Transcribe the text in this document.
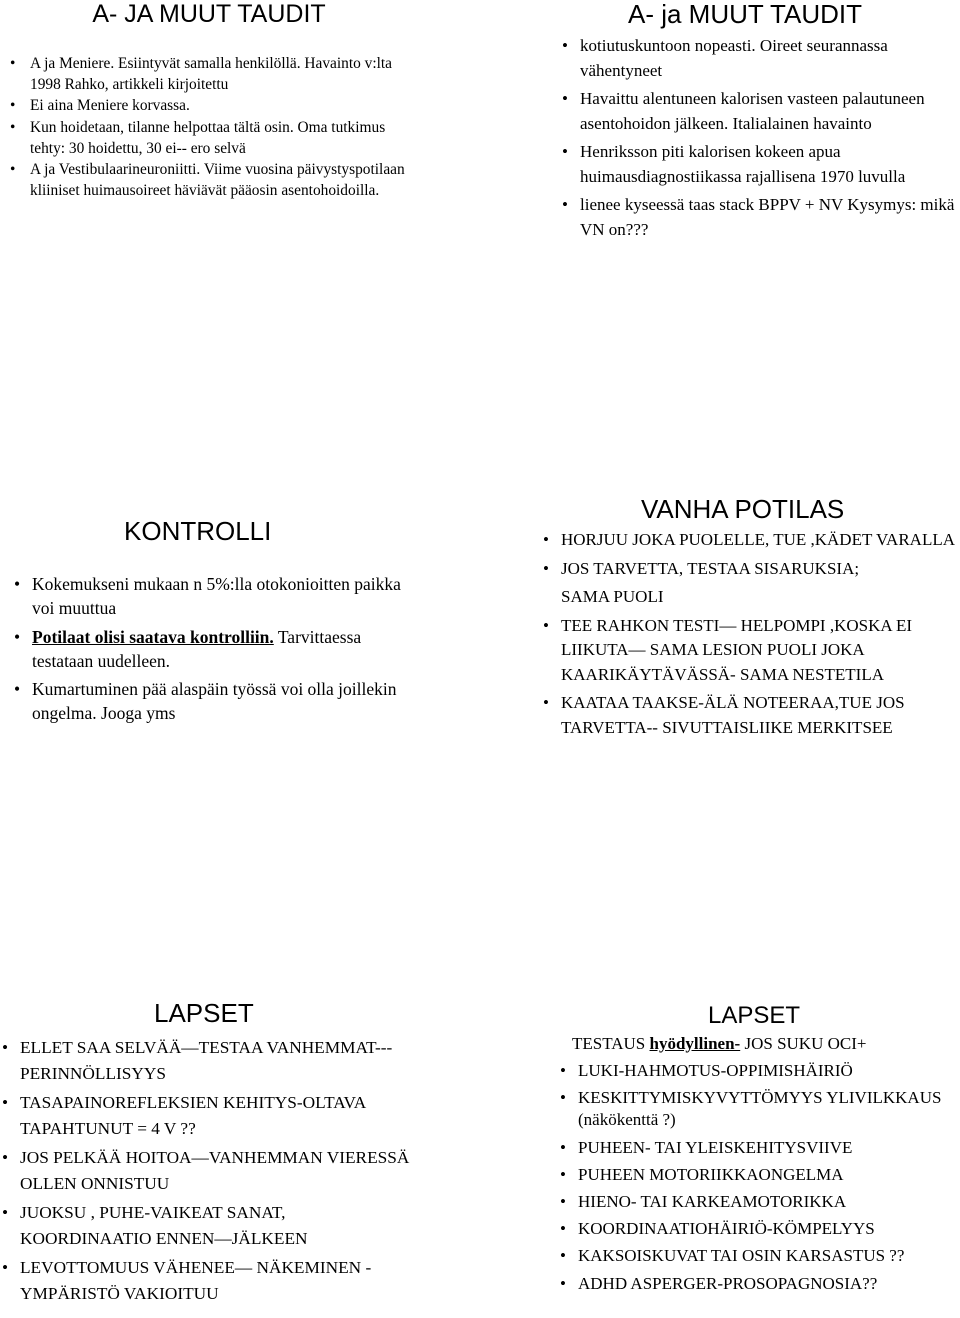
A- JA MUUT TAUDIT
• A ja Meniere. Esiintyvät samalla henkilöllä. Havainto v:lta 1998 Rahko, artikkeli kirjoitettu
• Ei aina Meniere korvassa.
• Kun hoidetaan, tilanne helpottaa tältä osin. Oma tutkimus tehty: 30 hoidettu, 30 ei-- ero selvä
• A ja Vestibulaarineuroniitti. Viime vuosina päivystyspotilaan kliiniset huimausoireet häviävät pääosin asentohoidoilla.
A- ja MUUT TAUDIT
• kotiutuskuntoon nopeasti. Oireet seurannassa vähentyneet
• Havaittu alentuneen kalorisen vasteen palautuneen asentohoidon jälkeen. Italialainen havainto
• Henriksson piti kalorisen kokeen apua huimausdiagnostiikassa rajallisena 1970 luvulla
• lienee kyseessä taas stack BPPV + NV Kysymys: mikä VN on???
KONTROLLI
• Kokemukseni mukaan n 5%:lla otokonioitten paikka voi muuttua
• Potilaat olisi saatava kontrolliin. Tarvittaessa testataan uudelleen.
• Kumartuminen pää alaspäin työssä voi olla joillekin ongelma. Jooga yms
VANHA POTILAS
• HORJUU JOKA PUOLELLE, TUE ,KÄDET VARALLA
• JOS TARVETTA, TESTAA SISARUKSIA;
SAMA PUOLI
• TEE RAHKON TESTI— HELPOMPI ,KOSKA EI LIIKUTA— SAMA LESION PUOLI JOKA KAARIKÄYTÄVÄSSÄ- SAMA NESTETILA
• KAATAA TAAKSE-ÄLÄ NOTEERAA,TUE JOS TARVETTA-- SIVUTTAISLIIKE MERKITSEE
LAPSET
• ELLET SAA SELVÄÄ—TESTAA VANHEMMAT---PERINNÖLLISYYS
• TASAPAINOREFLEKSIEN KEHITYS-OLTAVA TAPAHTUNUT = 4 V ??
• JOS PELKÄÄ HOITOA—VANHEMMAN VIERESSÄ OLLEN ONNISTUU
• JUOKSU , PUHE-VAIKEAT SANAT, KOORDINAATIO ENNEN—JÄLKEEN
• LEVOTTOMUUS VÄHENEE— NÄKEMINEN -YMPÄRISTÖ VAKIOITUU
LAPSET
TESTAUS hyödyllinen- JOS SUKU OCI+
• LUKI-HAHMOTUS-OPPIMISHÄIRIÖ
• KESKITTYMISKYVYTTÖMYYS YLIVILKKAUS (näkökenttä ?)
• PUHEEN- TAI YLEISKEHITYSVIIVE
• PUHEEN MOTORIIKKAONGELMA
• HIENO- TAI KARKEAMOTORIKKA
• KOORDINAATIOHÄIRIÖ-KÖMPELYYS
• KAKSOISKUVAT TAI OSIN KARSASTUS ??
• ADHD ASPERGER-PROSOPAGNOSIA??
